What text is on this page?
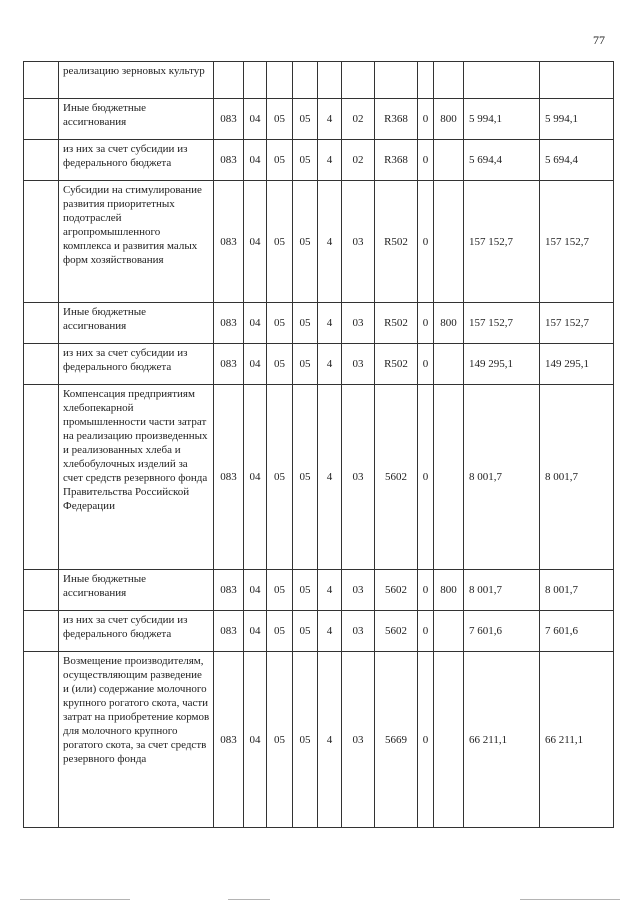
77
	реализацию зерновых культур											
	Иные бюджетные ассигнования	083	04	05	05	4	02	R368	0	800	5 994,1	5 994,1
	из них за счет субсидии из федерального бюджета	083	04	05	05	4	02	R368	0		5 694,4	5 694,4
	Субсидии на стимулирование развития приоритетных подотраслей агропромышленного комплекса и развития малых форм хозяйствования	083	04	05	05	4	03	R502	0		157 152,7	157 152,7
	Иные бюджетные ассигнования	083	04	05	05	4	03	R502	0	800	157 152,7	157 152,7
	из них за счет субсидии из федерального бюджета	083	04	05	05	4	03	R502	0		149 295,1	149 295,1
	Компенсация предприятиям хлебопекарной промышленности части затрат на реализацию произведенных и реализованных хлеба и хлебобулочных изделий за счет средств резервного фонда Правительства Российской Федерации	083	04	05	05	4	03	5602	0		8 001,7	8 001,7
	Иные бюджетные ассигнования	083	04	05	05	4	03	5602	0	800	8 001,7	8 001,7
	из них за счет субсидии из федерального бюджета	083	04	05	05	4	03	5602	0		7 601,6	7 601,6
	Возмещение производителям, осуществляющим разведение и (или) содержание молочного крупного рогатого скота, части затрат на приобретение кормов для молочного крупного рогатого скота, за счет средств резервного фонда	083	04	05	05	4	03	5669	0		66 211,1	66 211,1
